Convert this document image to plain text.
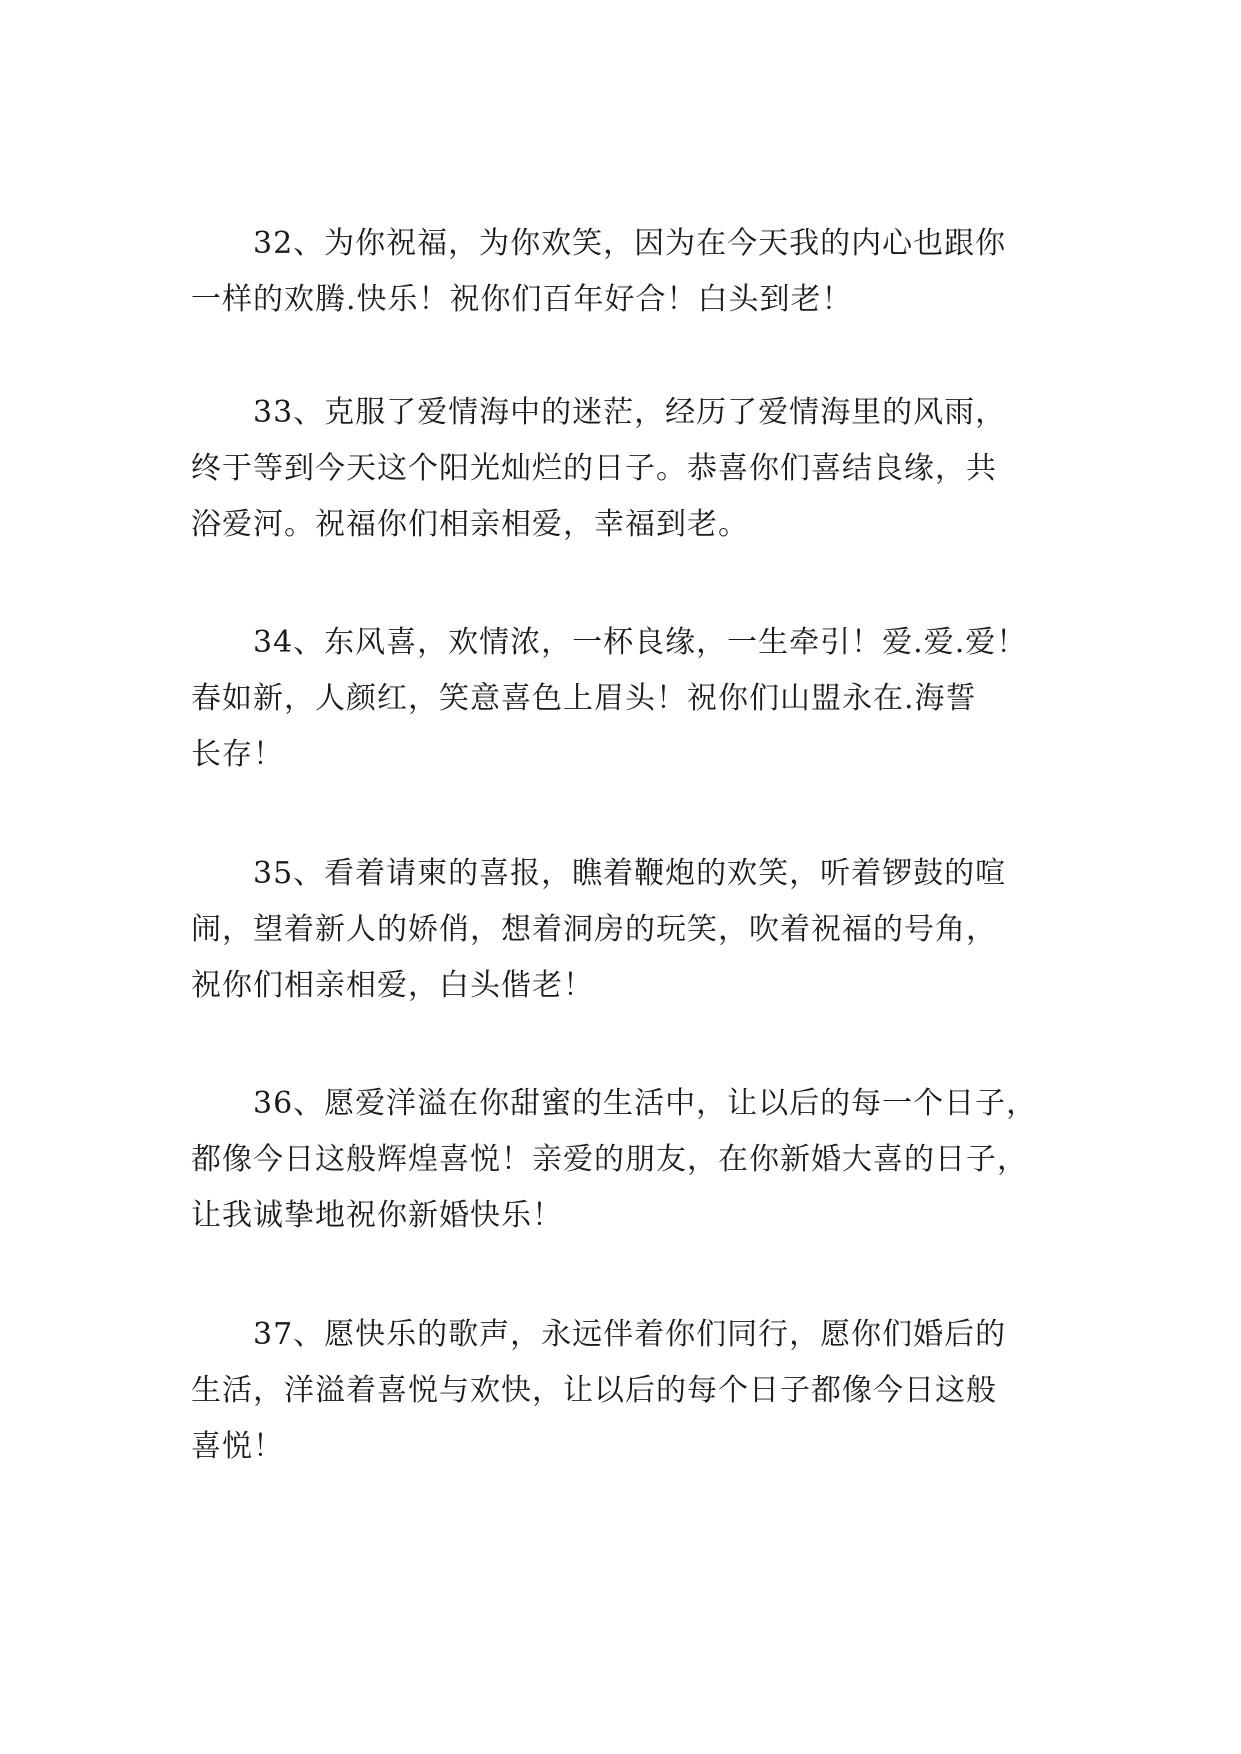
32、为你祝福，为你欢笑，因为在今天我的内心也跟你
一样的欢腾.快乐！祝你们百年好合！白头到老！

33、克服了爱情海中的迷茫，经历了爱情海里的风雨，
终于等到今天这个阳光灿烂的日子。恭喜你们喜结良缘，共
浴爱河。祝福你们相亲相爱，幸福到老。

34、东风喜，欢情浓，一杯良缘，一生牵引！爱.爱.爱！
春如新，人颜红，笑意喜色上眉头！祝你们山盟永在.海誓
长存！

35、看着请柬的喜报，瞧着鞭炮的欢笑，听着锣鼓的喧
闹，望着新人的娇俏，想着洞房的玩笑，吹着祝福的号角，
祝你们相亲相爱，白头偕老！

36、愿爱洋溢在你甜蜜的生活中，让以后的每一个日子，
都像今日这般辉煌喜悦！亲爱的朋友，在你新婚大喜的日子，
让我诚挚地祝你新婚快乐！

37、愿快乐的歌声，永远伴着你们同行，愿你们婚后的
生活，洋溢着喜悦与欢快，让以后的每个日子都像今日这般
喜悦！
